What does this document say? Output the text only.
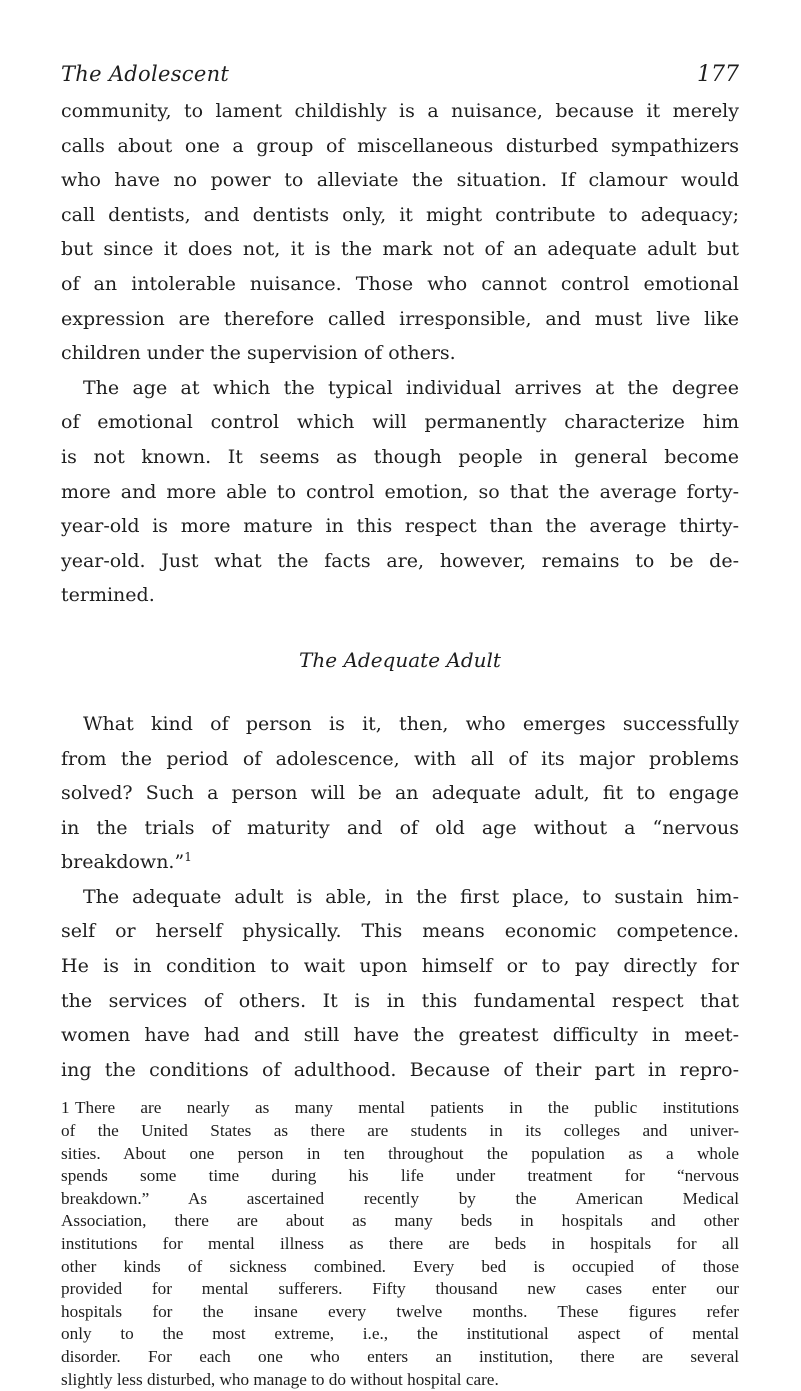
The Adolescent	177
community, to lament childishly is a nuisance, because it merely
calls about one a group of miscellaneous disturbed sympathizers
who have no power to alleviate the situation. If clamour would
call dentists, and dentists only, it might contribute to adequacy;
but since it does not, it is the mark not of an adequate adult but
of an intolerable nuisance. Those who cannot control emotional
expression are therefore called irresponsible, and must live like
children under the supervision of others.
The age at which the typical individual arrives at the degree
of emotional control which will permanently characterize him
is not known. It seems as though people in general become
more and more able to control emotion, so that the average forty-
year-old is more mature in this respect than the average thirty-
year-old. Just what the facts are, however, remains to be de-
termined.
The Adequate Adult
What kind of person is it, then, who emerges successfully
from the period of adolescence, with all of its major problems
solved? Such a person will be an adequate adult, fit to engage
in the trials of maturity and of old age without a “nervous
breakdown.”$^1$
The adequate adult is able, in the first place, to sustain him-
self or herself physically. This means economic competence.
He is in condition to wait upon himself or to pay directly for
the services of others. It is in this fundamental respect that
women have had and still have the greatest difficulty in meet-
ing the conditions of adulthood. Because of their part in repro-
1 There are nearly as many mental patients in the public institutions
of the United States as there are students in its colleges and univer-
sities. About one person in ten throughout the population as a whole
spends some time during his life under treatment for “nervous
breakdown.” As ascertained recently by the American Medical
Association, there are about as many beds in hospitals and other
institutions for mental illness as there are beds in hospitals for all
other kinds of sickness combined. Every bed is occupied of those
provided for mental sufferers. Fifty thousand new cases enter our
hospitals for the insane every twelve months. These figures refer
only to the most extreme, i.e., the institutional aspect of mental
disorder. For each one who enters an institution, there are several
slightly less disturbed, who manage to do without hospital care.
